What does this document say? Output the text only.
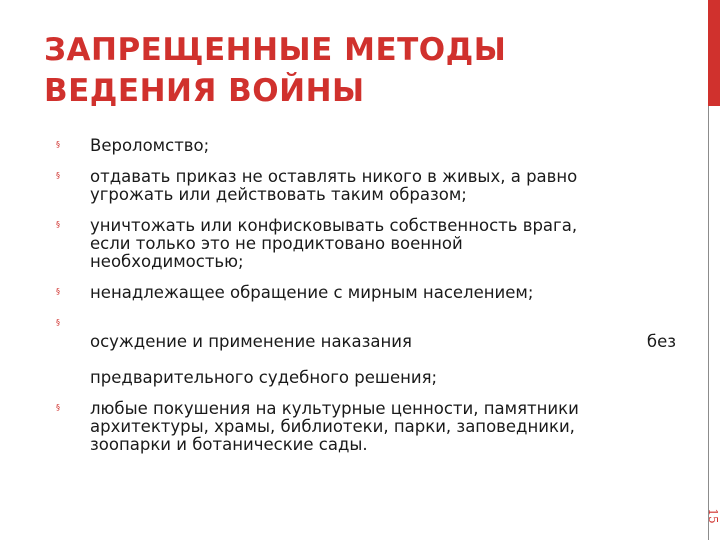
ЗАПРЕЩЕННЫЕ МЕТОДЫ
ВЕДЕНИЯ ВОЙНЫ
15
§ Вероломство;
§ отдавать приказ не оставлять никого в живых, а равно
угрожать или действовать таким образом;
§ уничтожать или конфисковывать собственность врага,
если только это не продиктовано военной
необходимостью;
§ ненадлежащее обращение с мирным населением;
§

осуждение и применение наказания	без

предварительного судебного решения;

§ любые покушения на культурные ценности, памятники
архитектуры, храмы, библиотеки, парки, заповедники,
зоопарки и ботанические сады.
